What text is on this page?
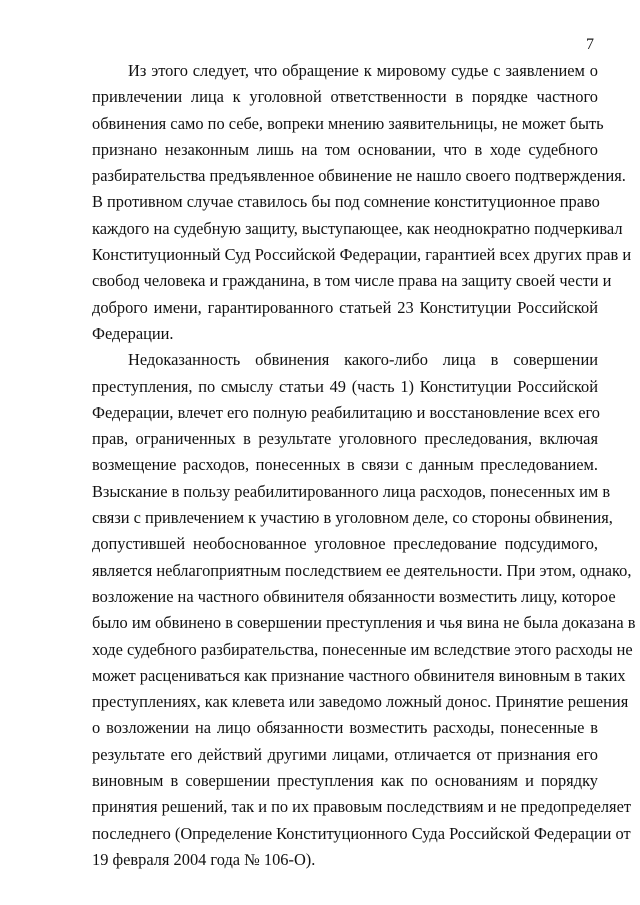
7
Из этого следует, что обращение к мировому судье с заявлением о
привлечении лица к уголовной ответственности в порядке частного
обвинения само по себе, вопреки мнению заявительницы, не может быть
признано незаконным лишь на том основании, что в ходе судебного
разбирательства предъявленное обвинение не нашло своего подтверждения.
В противном случае ставилось бы под сомнение конституционное право
каждого на судебную защиту, выступающее, как неоднократно подчеркивал
Конституционный Суд Российской Федерации, гарантией всех других прав и
свобод человека и гражданина, в том числе права на защиту своей чести и
доброго имени, гарантированного статьей 23 Конституции Российской
Федерации.
Недоказанность обвинения какого-либо лица в совершении
преступления, по смыслу статьи 49 (часть 1) Конституции Российской
Федерации, влечет его полную реабилитацию и восстановление всех его
прав, ограниченных в результате уголовного преследования, включая
возмещение расходов, понесенных в связи с данным преследованием.
Взыскание в пользу реабилитированного лица расходов, понесенных им в
связи с привлечением к участию в уголовном деле, со стороны обвинения,
допустившей необоснованное уголовное преследование подсудимого,
является неблагоприятным последствием ее деятельности. При этом, однако,
возложение на частного обвинителя обязанности возместить лицу, которое
было им обвинено в совершении преступления и чья вина не была доказана в
ходе судебного разбирательства, понесенные им вследствие этого расходы не
может расцениваться как признание частного обвинителя виновным в таких
преступлениях, как клевета или заведомо ложный донос. Принятие решения
о возложении на лицо обязанности возместить расходы, понесенные в
результате его действий другими лицами, отличается от признания его
виновным в совершении преступления как по основаниям и порядку
принятия решений, так и по их правовым последствиям и не предопределяет
последнего (Определение Конституционного Суда Российской Федерации от
19 февраля 2004 года № 106-О).
